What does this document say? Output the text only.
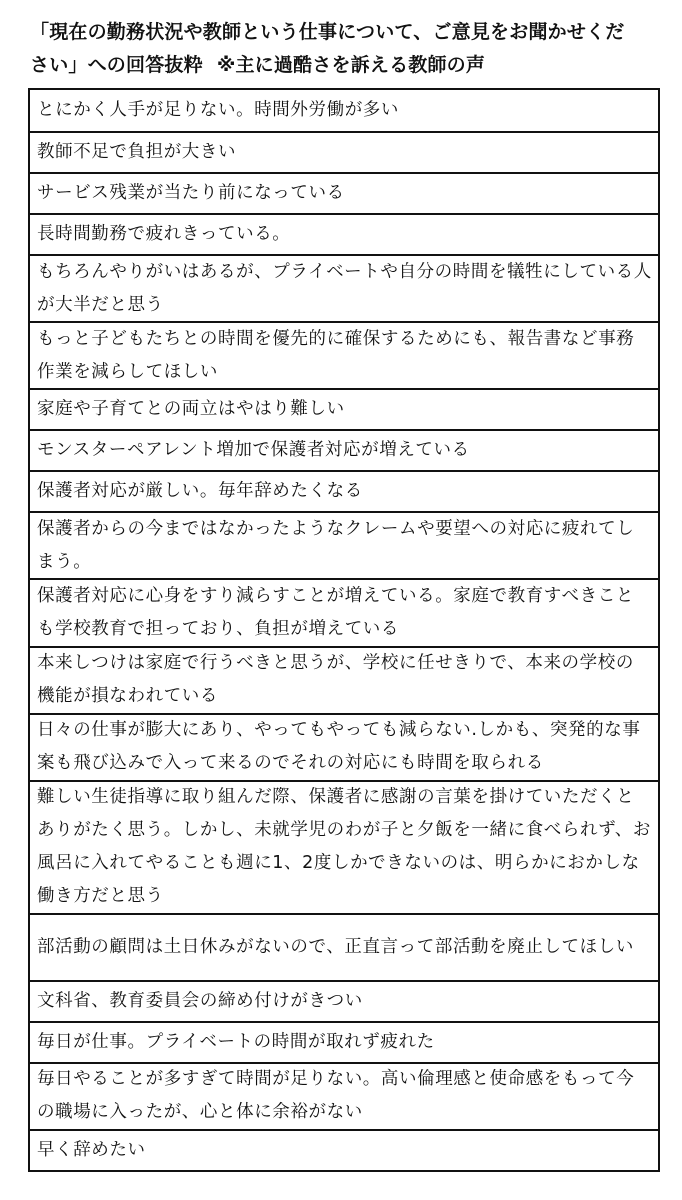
「現在の勤務状況や教師という仕事について、ご意見をお聞かせくだ
さい」への回答抜粋 ※主に過酷さを訴える教師の声
とにかく人手が足りない。時間外労働が多い
教師不足で負担が大きい
サービス残業が当たり前になっている
長時間勤務で疲れきっている。
もちろんやりがいはあるが、プライベートや自分の時間を犠牲にしている人が大半だと思う
もっと子どもたちとの時間を優先的に確保するためにも、報告書など事務作業を減らしてほしい
家庭や子育てとの両立はやはり難しい
モンスターペアレント増加で保護者対応が増えている
保護者対応が厳しい。毎年辞めたくなる
保護者からの今まではなかったようなクレームや要望への対応に疲れてしまう。
保護者対応に心身をすり減らすことが増えている。家庭で教育すべきことも学校教育で担っており、負担が増えている
本来しつけは家庭で行うべきと思うが、学校に任せきりで、本来の学校の機能が損なわれている
日々の仕事が膨大にあり、やってもやっても減らない.しかも、突発的な事案も飛び込みで入って来るのでそれの対応にも時間を取られる
難しい生徒指導に取り組んだ際、保護者に感謝の言葉を掛けていただくとありがたく思う。しかし、未就学児のわが子と夕飯を一緒に食べられず、お風呂に入れてやることも週に1、2度しかできないのは、明らかにおかしな働き方だと思う
部活動の顧問は土日休みがないので、正直言って部活動を廃止してほしい
文科省、教育委員会の締め付けがきつい
毎日が仕事。プライベートの時間が取れず疲れた
毎日やることが多すぎて時間が足りない。高い倫理感と使命感をもって今の職場に入ったが、心と体に余裕がない
早く辞めたい
